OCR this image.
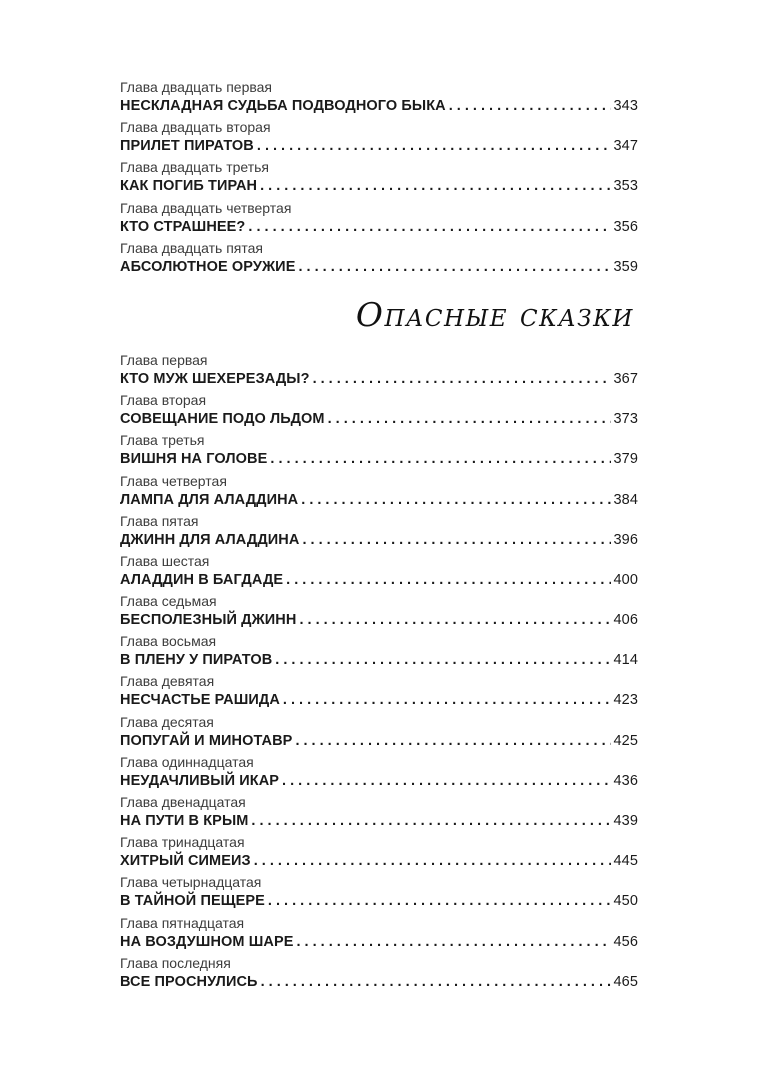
Глава двадцать первая
НЕСКЛАДНАЯ СУДЬБА ПОДВОДНОГО БЫКА . . .	343
Глава двадцать вторая
ПРИЛЕТ ПИРАТОВ . . .	347
Глава двадцать третья
КАК ПОГИБ ТИРАН . . .	353
Глава двадцать четвертая
КТО СТРАШНЕЕ? . . .	356
Глава двадцать пятая
АБСОЛЮТНОЕ ОРУЖИЕ . . .	359
Опасные сказки
Глава первая
КТО МУЖ ШЕХЕРЕЗАДЫ? . . .	367
Глава вторая
СОВЕЩАНИЕ ПОДО ЛЬДОМ . . .	373
Глава третья
ВИШНЯ НА ГОЛОВЕ . . .	379
Глава четвертая
ЛАМПА ДЛЯ АЛАДДИНА . . .	384
Глава пятая
ДЖИНН ДЛЯ АЛАДДИНА . . .	396
Глава шестая
АЛАДДИН В БАГДАДЕ . . .	400
Глава седьмая
БЕСПОЛЕЗНЫЙ ДЖИНН . . .	406
Глава восьмая
В ПЛЕНУ У ПИРАТОВ . . .	414
Глава девятая
НЕСЧАСТЬЕ РАШИДА . . .	423
Глава десятая
ПОПУГАЙ И МИНОТАВР . . .	425
Глава одиннадцатая
НЕУДАЧЛИВЫЙ ИКАР . . .	436
Глава двенадцатая
НА ПУТИ В КРЫМ . . .	439
Глава тринадцатая
ХИТРЫЙ СИМЕИЗ . . .	445
Глава четырнадцатая
В ТАЙНОЙ ПЕЩЕРЕ . . .	450
Глава пятнадцатая
НА ВОЗДУШНОМ ШАРЕ . . .	456
Глава последняя
ВСЕ ПРОСНУЛИСЬ . . .	465
